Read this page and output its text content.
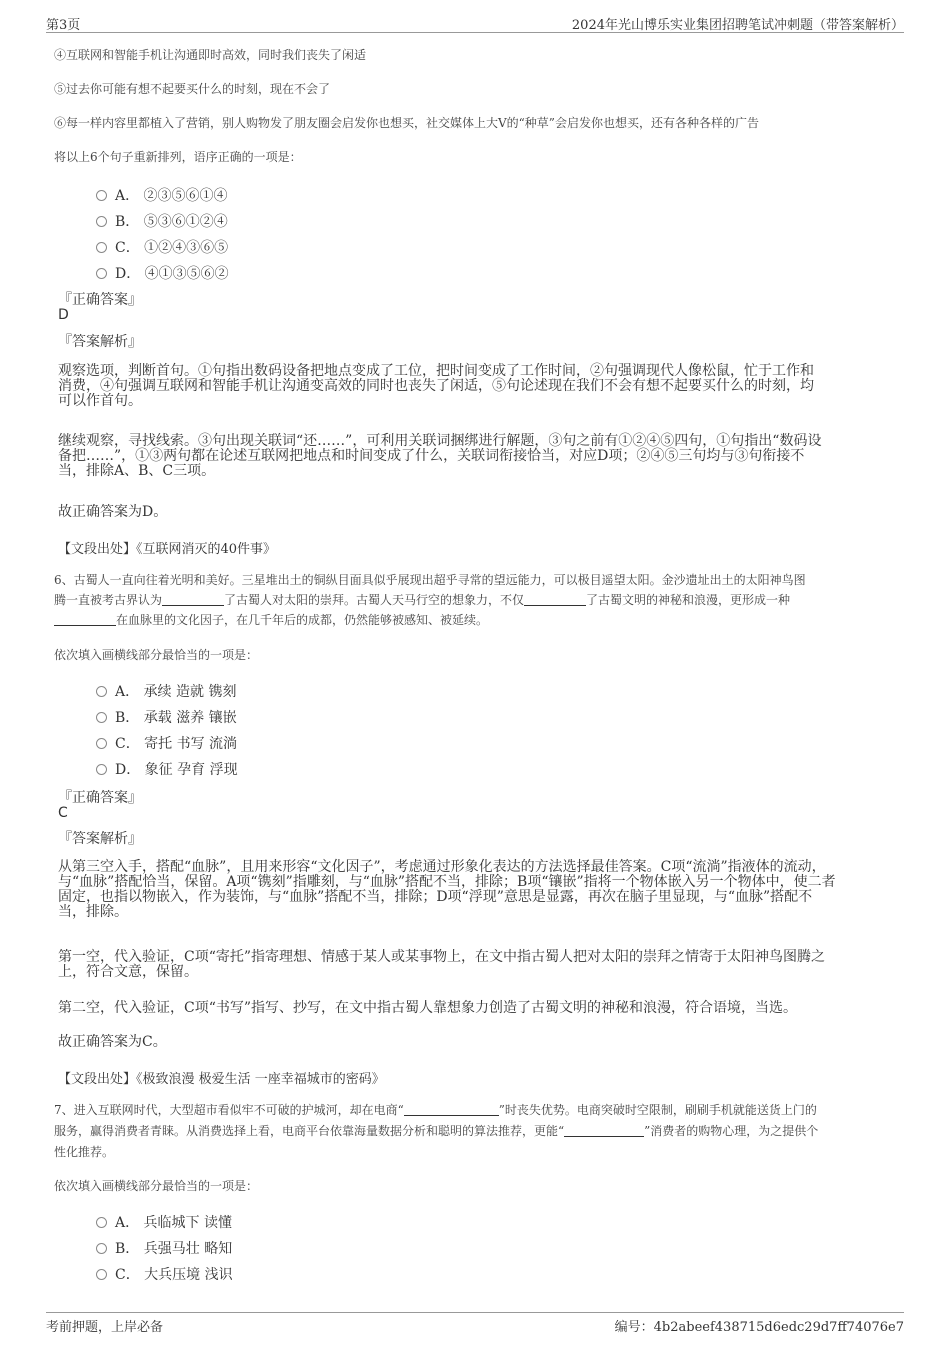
第3页	2024年光山博乐实业集团招聘笔试冲刺题（带答案解析）
④互联网和智能手机让沟通即时高效，同时我们丧失了闲适
⑤过去你可能有想不起要买什么的时刻，现在不会了
⑥每一样内容里都植入了营销，别人购物发了朋友圈会启发你也想买，社交媒体上大V的“种草”会启发你也想买，还有各种各样的广告
将以上6个句子重新排列，语序正确的一项是：
A． ②③⑤⑥①④
B． ⑤③⑥①②④
C． ①②④③⑥⑤
D． ④①③⑤⑥②
『正确答案』
D
『答案解析』
观察选项，判断首句。①句指出数码设备把地点变成了工位，把时间变成了工作时间，②句强调现代人像松鼠，忙于工作和
消费，④句强调互联网和智能手机让沟通变高效的同时也丧失了闲适，⑤句论述现在我们不会有想不起要买什么的时刻，均
可以作首句。
继续观察，寻找线索。③句出现关联词“还……”，可利用关联词捆绑进行解题，③句之前有①②④⑤四句，①句指出“数码设
备把……”，①③两句都在论述互联网把地点和时间变成了什么，关联词衔接恰当，对应D项；②④⑤三句均与③句衔接不
当，排除A、B、C三项。
故正确答案为D。
【文段出处】《互联网消灭的40件事》
6、古蜀人一直向往着光明和美好。三星堆出土的铜纵目面具似乎展现出超乎寻常的望远能力，可以极目遥望太阳。金沙遗址出土的太阳神鸟图
腾一直被考古界认为	了古蜀人对太阳的崇拜。古蜀人天马行空的想象力，不仅	了古蜀文明的神秘和浪漫，更形成一种
在血脉里的文化因子，在几千年后的成都，仍然能够被感知、被延续。
依次填入画横线部分最恰当的一项是：
A． 承续 造就 镌刻
B． 承载 滋养 镶嵌
C． 寄托 书写 流淌
D． 象征 孕育 浮现
『正确答案』
C
『答案解析』
从第三空入手，搭配“血脉”，且用来形容“文化因子”，考虑通过形象化表达的方法选择最佳答案。C项“流淌”指液体的流动，
与“血脉”搭配恰当，保留。A项“镌刻”指雕刻，与“血脉”搭配不当，排除；B项“镶嵌”指将一个物体嵌入另一个物体中，使二者
固定，也指以物嵌入，作为装饰，与“血脉”搭配不当，排除；D项“浮现”意思是显露，再次在脑子里显现，与“血脉”搭配不
当，排除。
第一空，代入验证，C项“寄托”指寄理想、情感于某人或某事物上，在文中指古蜀人把对太阳的崇拜之情寄于太阳神鸟图腾之
上，符合文意，保留。
第二空，代入验证，C项“书写”指写、抄写，在文中指古蜀人靠想象力创造了古蜀文明的神秘和浪漫，符合语境，当选。
故正确答案为C。
【文段出处】《极致浪漫 极爱生活 一座幸福城市的密码》
7、进入互联网时代，大型超市看似牢不可破的护城河，却在电商“	”时丧失优势。电商突破时空限制，刷刷手机就能送货上门的
服务，赢得消费者青睐。从消费选择上看，电商平台依靠海量数据分析和聪明的算法推荐，更能“	”消费者的购物心理，为之提供个
性化推荐。
依次填入画横线部分最恰当的一项是：
A． 兵临城下 读懂
B． 兵强马壮 略知
C． 大兵压境 浅识
考前押题，上岸必备	编号：4b2abeef438715d6edc29d7ff74076e7
